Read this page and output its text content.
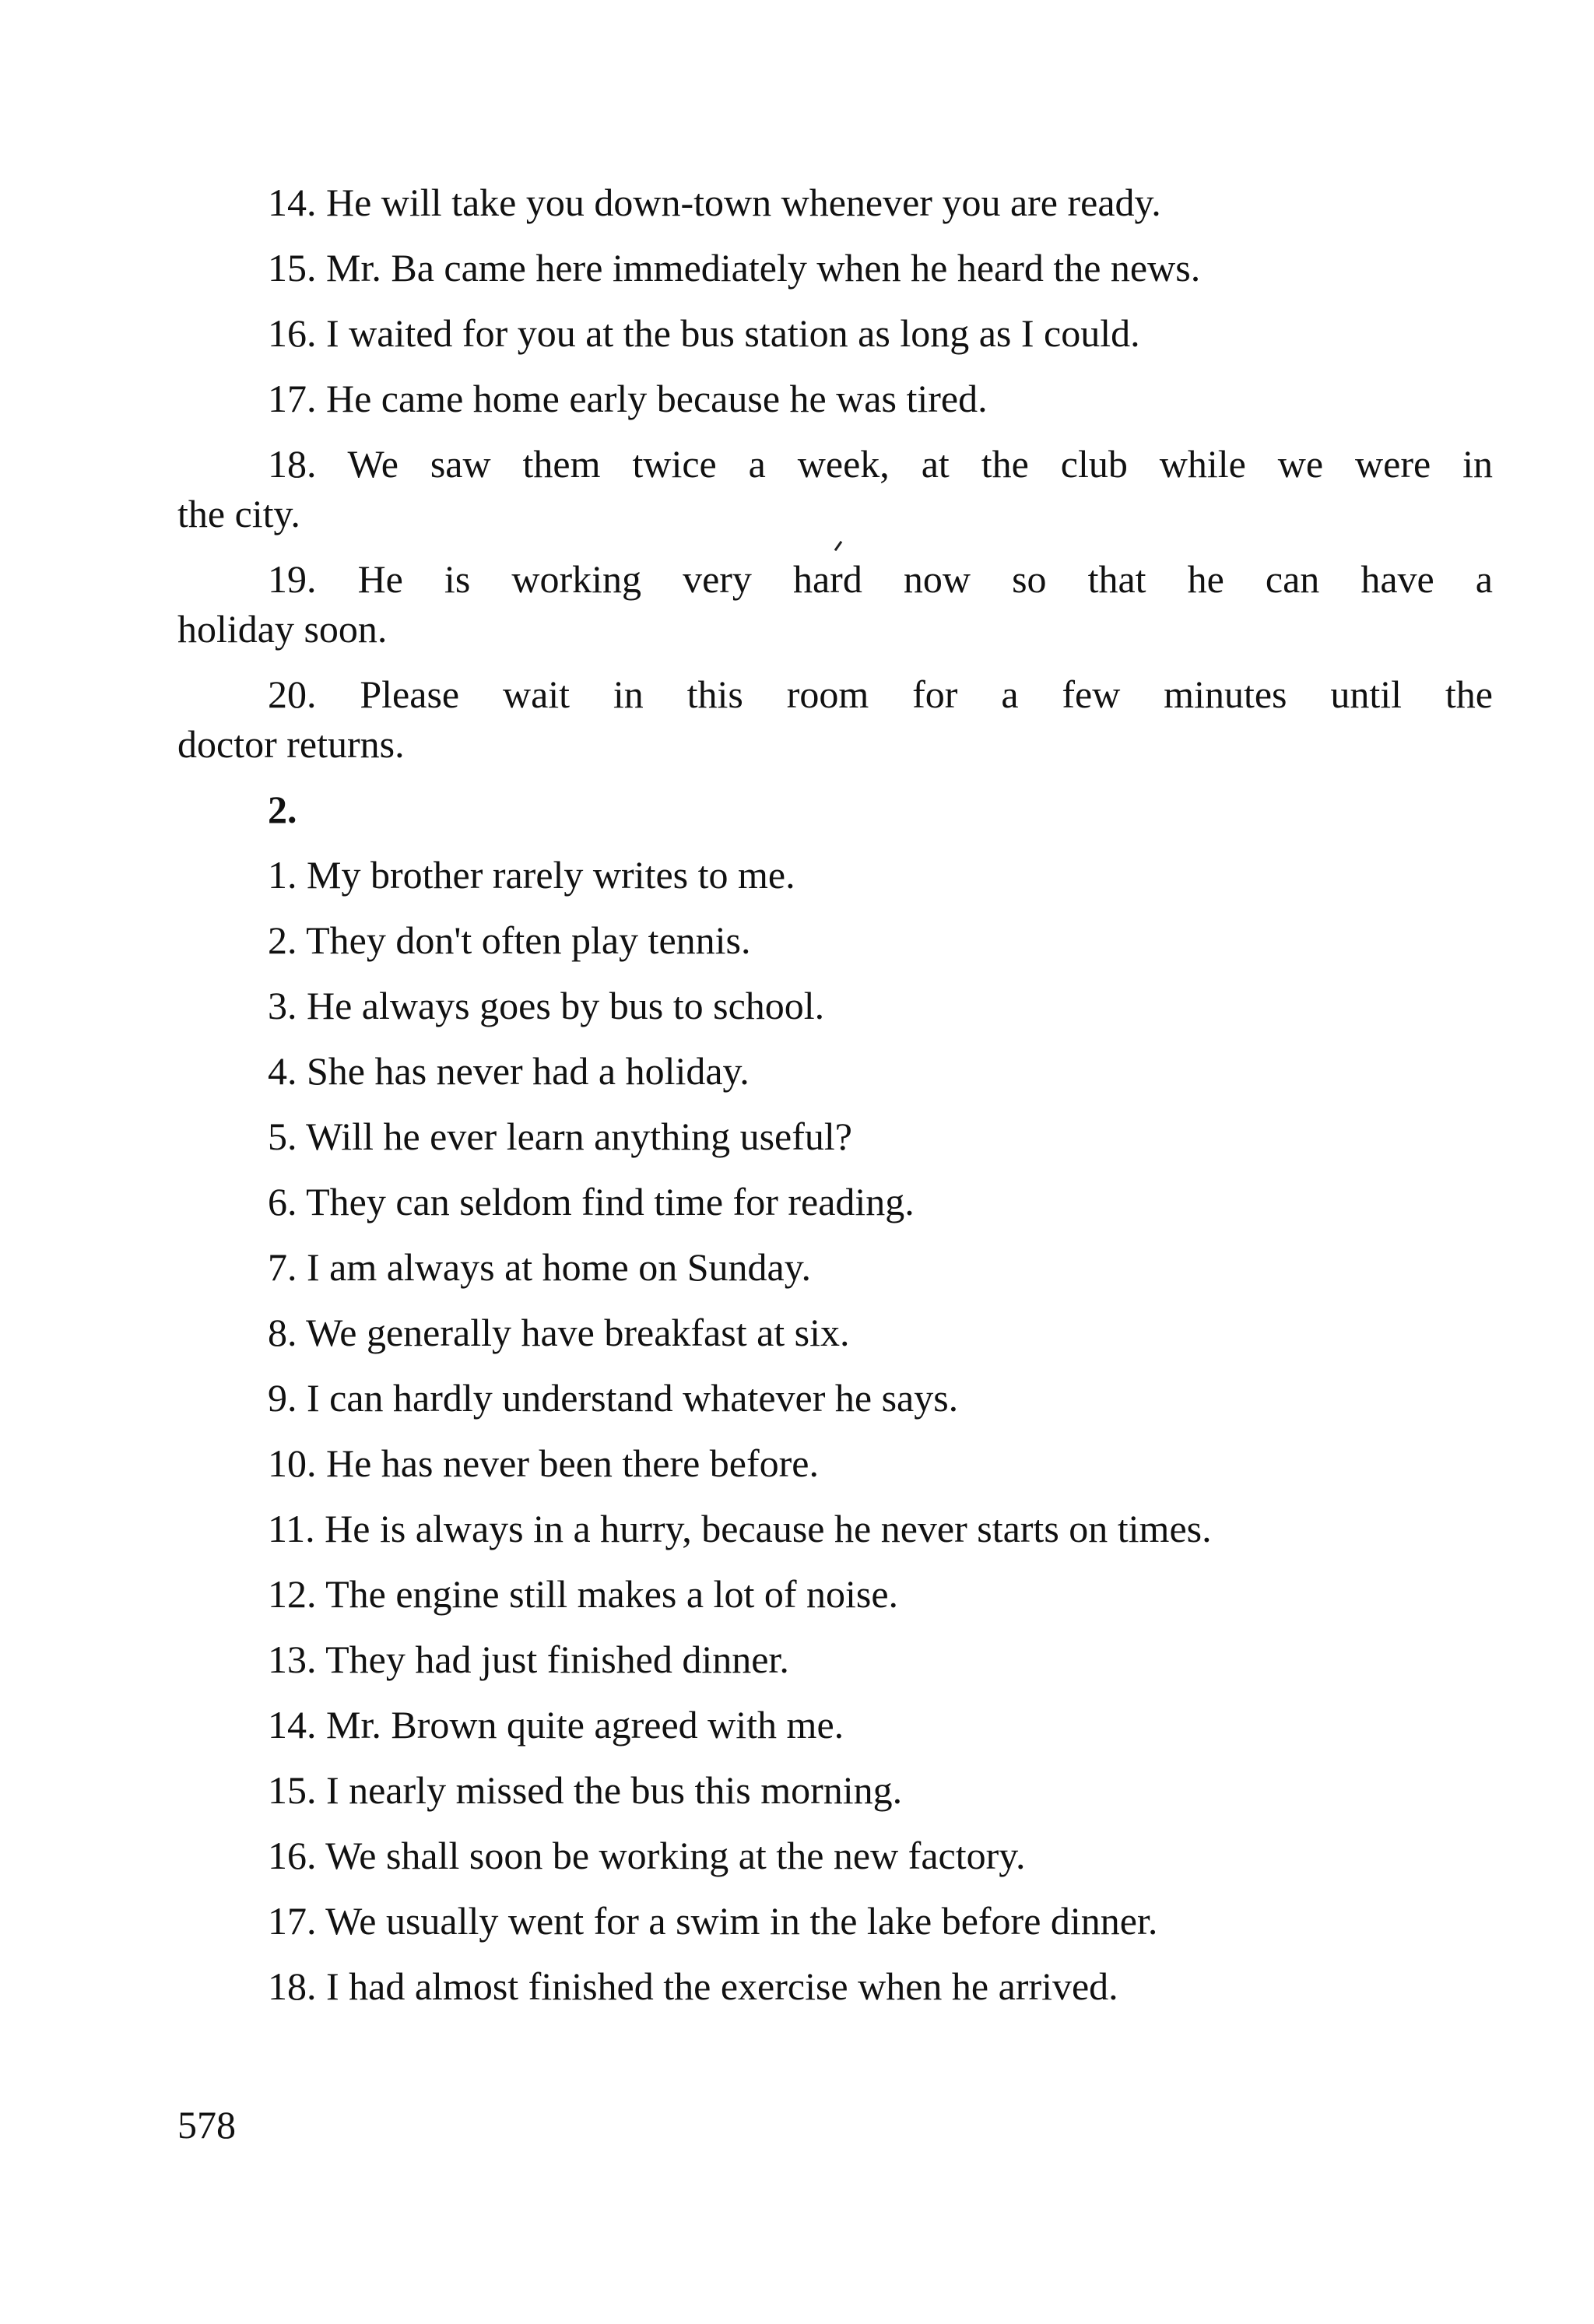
14. He will take you down-town whenever you are ready.
15. Mr. Ba came here immediately when he heard the news.
16. I waited for you at the bus station as long as I could.
17. He came home early because he was tired.
18. We saw them twice a week, at the club while we were in
the city.
19. He is working very hard now so that he can have a
holiday soon.
20. Please wait in this room for a few minutes until the
doctor returns.
2.
1. My brother rarely writes to me.
2. They don't often play tennis.
3. He always goes by bus to school.
4. She has never had a holiday.
5. Will he ever learn anything useful?
6. They can seldom find time for reading.
7. I am always at home on Sunday.
8. We generally have breakfast at six.
9. I can hardly understand whatever he says.
10. He has never been there before.
11. He is always in a hurry, because he never starts on times.
12. The engine still makes a lot of noise.
13. They had just finished dinner.
14. Mr. Brown quite agreed with me.
15. I nearly missed the bus this morning.
16. We shall soon be working at the new factory.
17. We usually went for a swim in the lake before dinner.
18. I had almost finished the exercise when he arrived.
578
